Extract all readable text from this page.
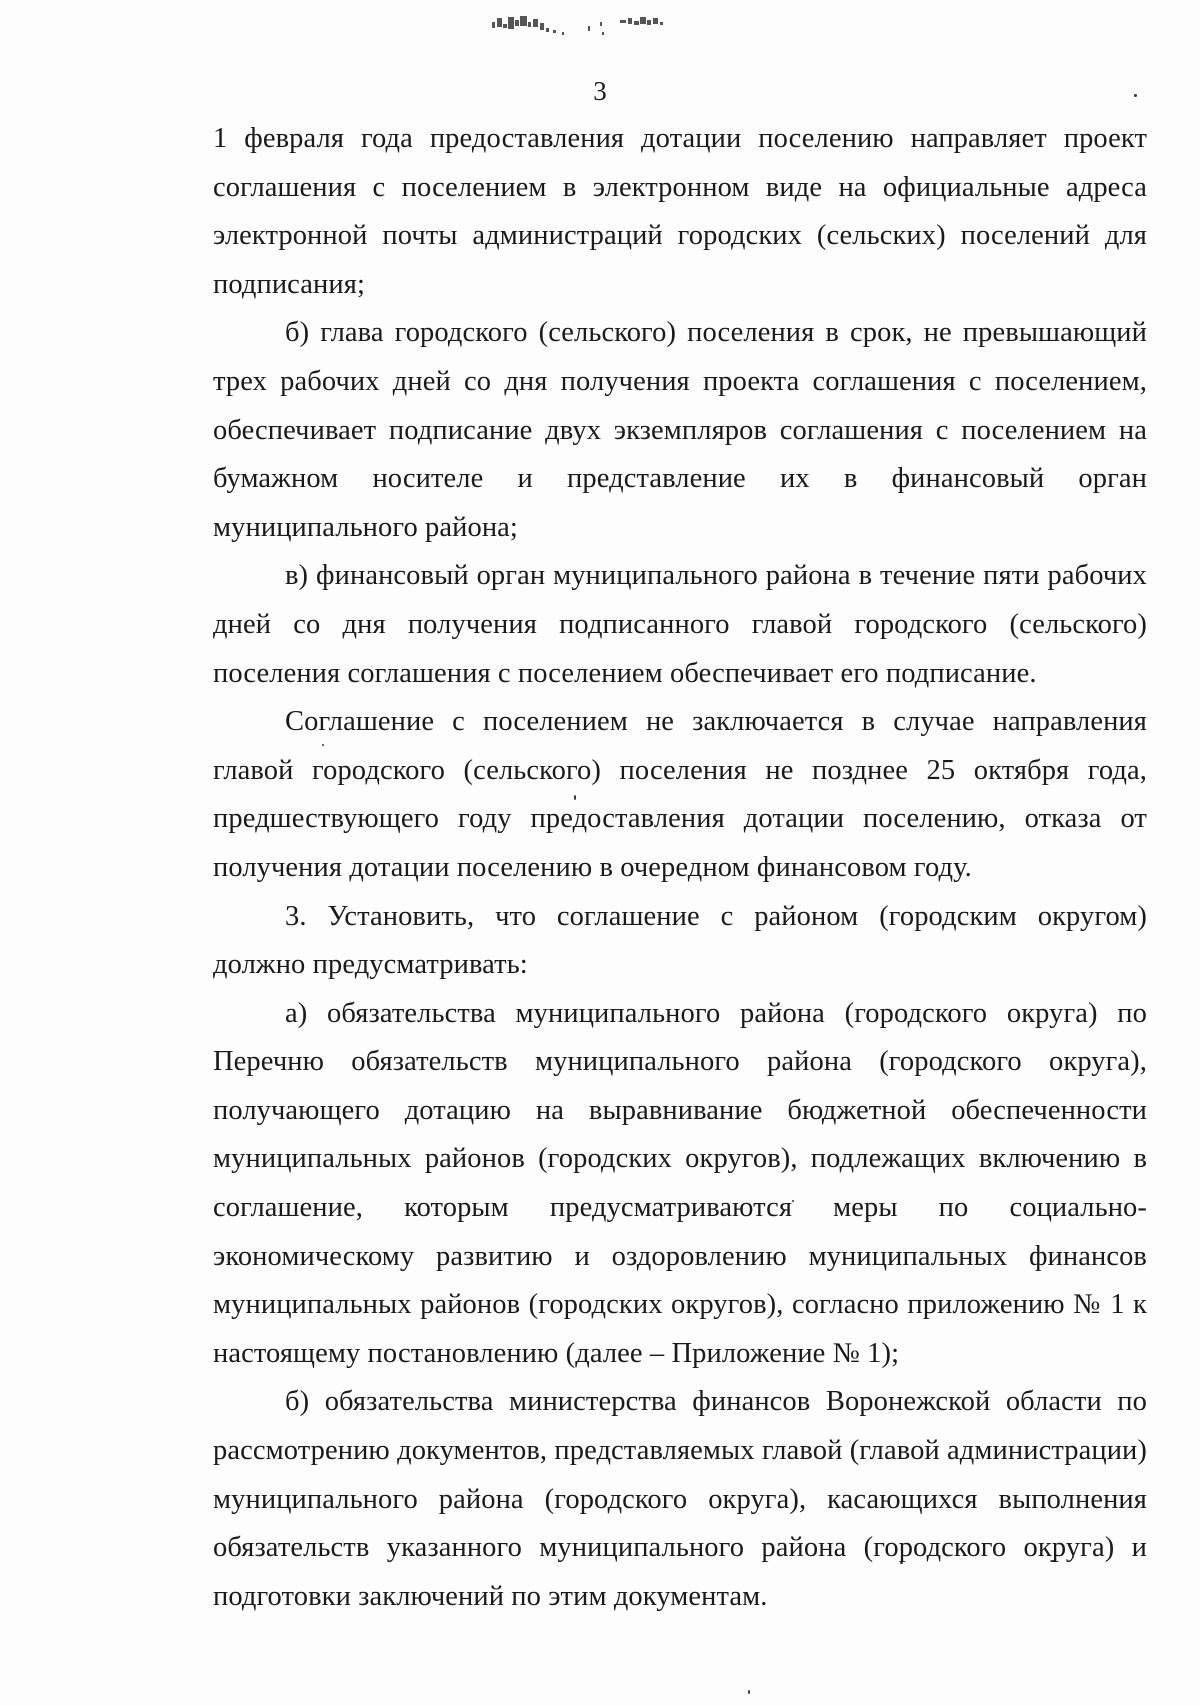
3

1 февраля года предоставления дотации поселению направляет проект соглашения с поселением в электронном виде на официальные адреса электронной почты администраций городских (сельских) поселений для подписания;

б) глава городского (сельского) поселения в срок, не превышающий трех рабочих дней со дня получения проекта соглашения с поселением, обеспечивает подписание двух экземпляров соглашения с поселением на бумажном носителе и представление их в финансовый орган муниципального района;

в) финансовый орган муниципального района в течение пяти рабочих дней со дня получения подписанного главой городского (сельского) поселения соглашения с поселением обеспечивает его подписание.

Соглашение с поселением не заключается в случае направления главой городского (сельского) поселения не позднее 25 октября года, предшествующего году предоставления дотации поселению, отказа от получения дотации поселению в очередном финансовом году.

3. Установить, что соглашение с районом (городским округом) должно предусматривать:

а) обязательства муниципального района (городского округа) по Перечню обязательств муниципального района (городского округа), получающего дотацию на выравнивание бюджетной обеспеченности муниципальных районов (городских округов), подлежащих включению в соглашение, которым предусматриваются меры по социально-экономическому развитию и оздоровлению муниципальных финансов муниципальных районов (городских округов), согласно приложению № 1 к настоящему постановлению (далее – Приложение № 1);

б) обязательства министерства финансов Воронежской области по рассмотрению документов, представляемых главой (главой администрации) муниципального района (городского округа), касающихся выполнения обязательств указанного муниципального района (городского округа) и подготовки заключений по этим документам.
